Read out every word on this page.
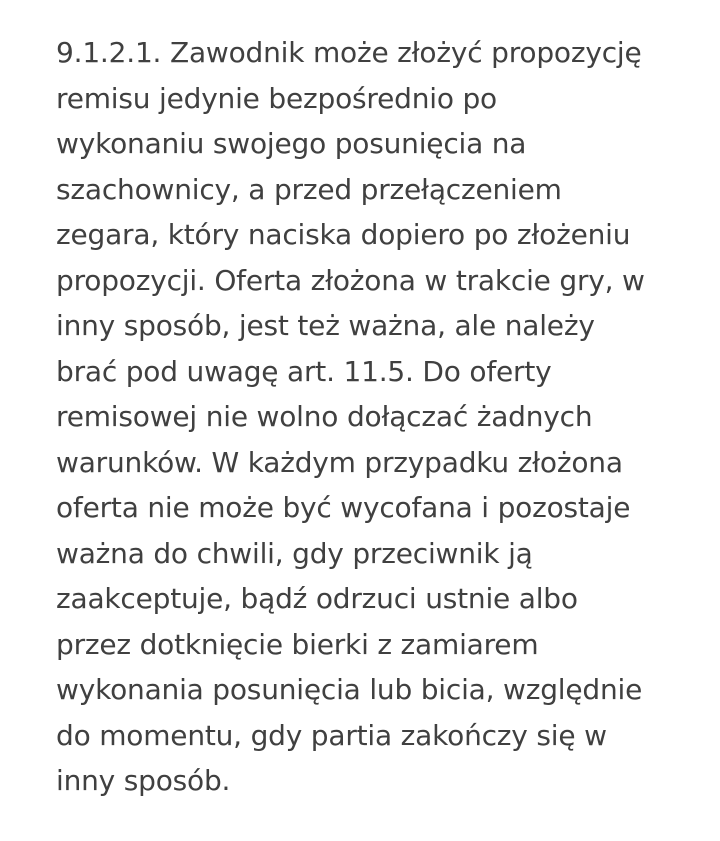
9.1.2.1. Zawodnik może złożyć propozycję
remisu jedynie bezpośrednio po
wykonaniu swojego posunięcia na
szachownicy, a przed przełączeniem
zegara, który naciska dopiero po złożeniu
propozycji. Oferta złożona w trakcie gry, w
inny sposób, jest też ważna, ale należy
brać pod uwagę art. 11.5. Do oferty
remisowej nie wolno dołączać żadnych
warunków. W każdym przypadku złożona
oferta nie może być wycofana i pozostaje
ważna do chwili, gdy przeciwnik ją
zaakceptuje, bądź odrzuci ustnie albo
przez dotknięcie bierki z zamiarem
wykonania posunięcia lub bicia, względnie
do momentu, gdy partia zakończy się w
inny sposób.
